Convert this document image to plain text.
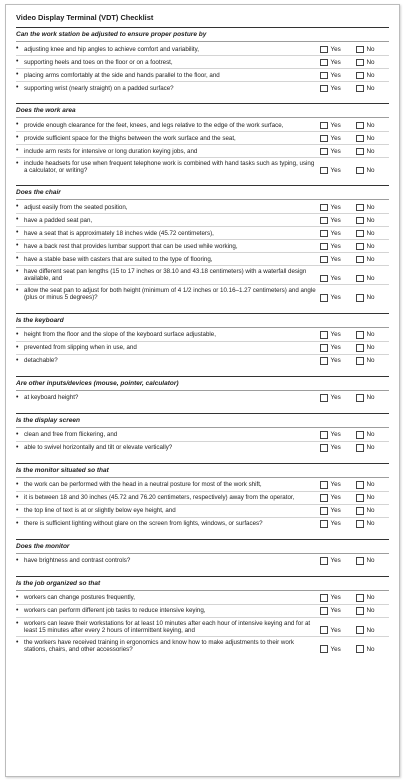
Video Display Terminal (VDT) Checklist
Can the work station be adjusted to ensure proper posture by
• adjusting knee and hip angles to achieve comfort and variability,	Yes	No
• supporting heels and toes on the floor or on a footrest,	Yes	No
• placing arms comfortably at the side and hands parallel to the floor, and	Yes	No
• supporting wrist (nearly straight) on a padded surface?	Yes	No
Does the work area
• provide enough clearance for the feet, knees, and legs relative to the edge of the work surface,	Yes	No
• provide sufficient space for the thighs between the work surface and the seat,	Yes	No
• include arm rests for intensive or long duration keying jobs, and	Yes	No
• include headsets for use when frequent telephone work is combined with hand tasks such as typing, using a calculator, or writing?	Yes	No
Does the chair
• adjust easily from the seated position,	Yes	No
• have a padded seat pan,	Yes	No
• have a seat that is approximately 18 inches wide (45.72 centimeters),	Yes	No
• have a back rest that provides lumbar support that can be used while working,	Yes	No
• have a stable base with casters that are suited to the type of flooring,	Yes	No
• have different seat pan lengths (15 to 17 inches or 38.10 and 43.18 centimeters) with a waterfall design available, and	Yes	No
• allow the seat pan to adjust for both height (minimum of 4 1/2 inches or 10.16–1.27 centimeters) and angle (plus or minus 5 degrees)?	Yes	No
Is the keyboard
• height from the floor and the slope of the keyboard surface adjustable,	Yes	No
• prevented from slipping when in use, and	Yes	No
• detachable?	Yes	No
Are other inputs/devices (mouse, pointer, calculator)
• at keyboard height?	Yes	No
Is the display screen
• clean and free from flickering, and	Yes	No
• able to swivel horizontally and tilt or elevate vertically?	Yes	No
Is the monitor situated so that
• the work can be performed with the head in a neutral posture for most of the work shift,	Yes	No
• it is between 18 and 30 inches (45.72 and 76.20 centimeters, respectively) away from the operator,	Yes	No
• the top line of text is at or slightly below eye height, and	Yes	No
• there is sufficient lighting without glare on the screen from lights, windows, or surfaces?	Yes	No
Does the monitor
• have brightness and contrast controls?	Yes	No
Is the job organized so that
• workers can change postures frequently,	Yes	No
• workers can perform different job tasks to reduce intensive keying,	Yes	No
• workers can leave their workstations for at least 10 minutes after each hour of intensive keying and for at least 15 minutes after every 2 hours of intermittent keying, and	Yes	No
• the workers have received training in ergonomics and know how to make adjustments to their work stations, chairs, and other accessories?	Yes	No
